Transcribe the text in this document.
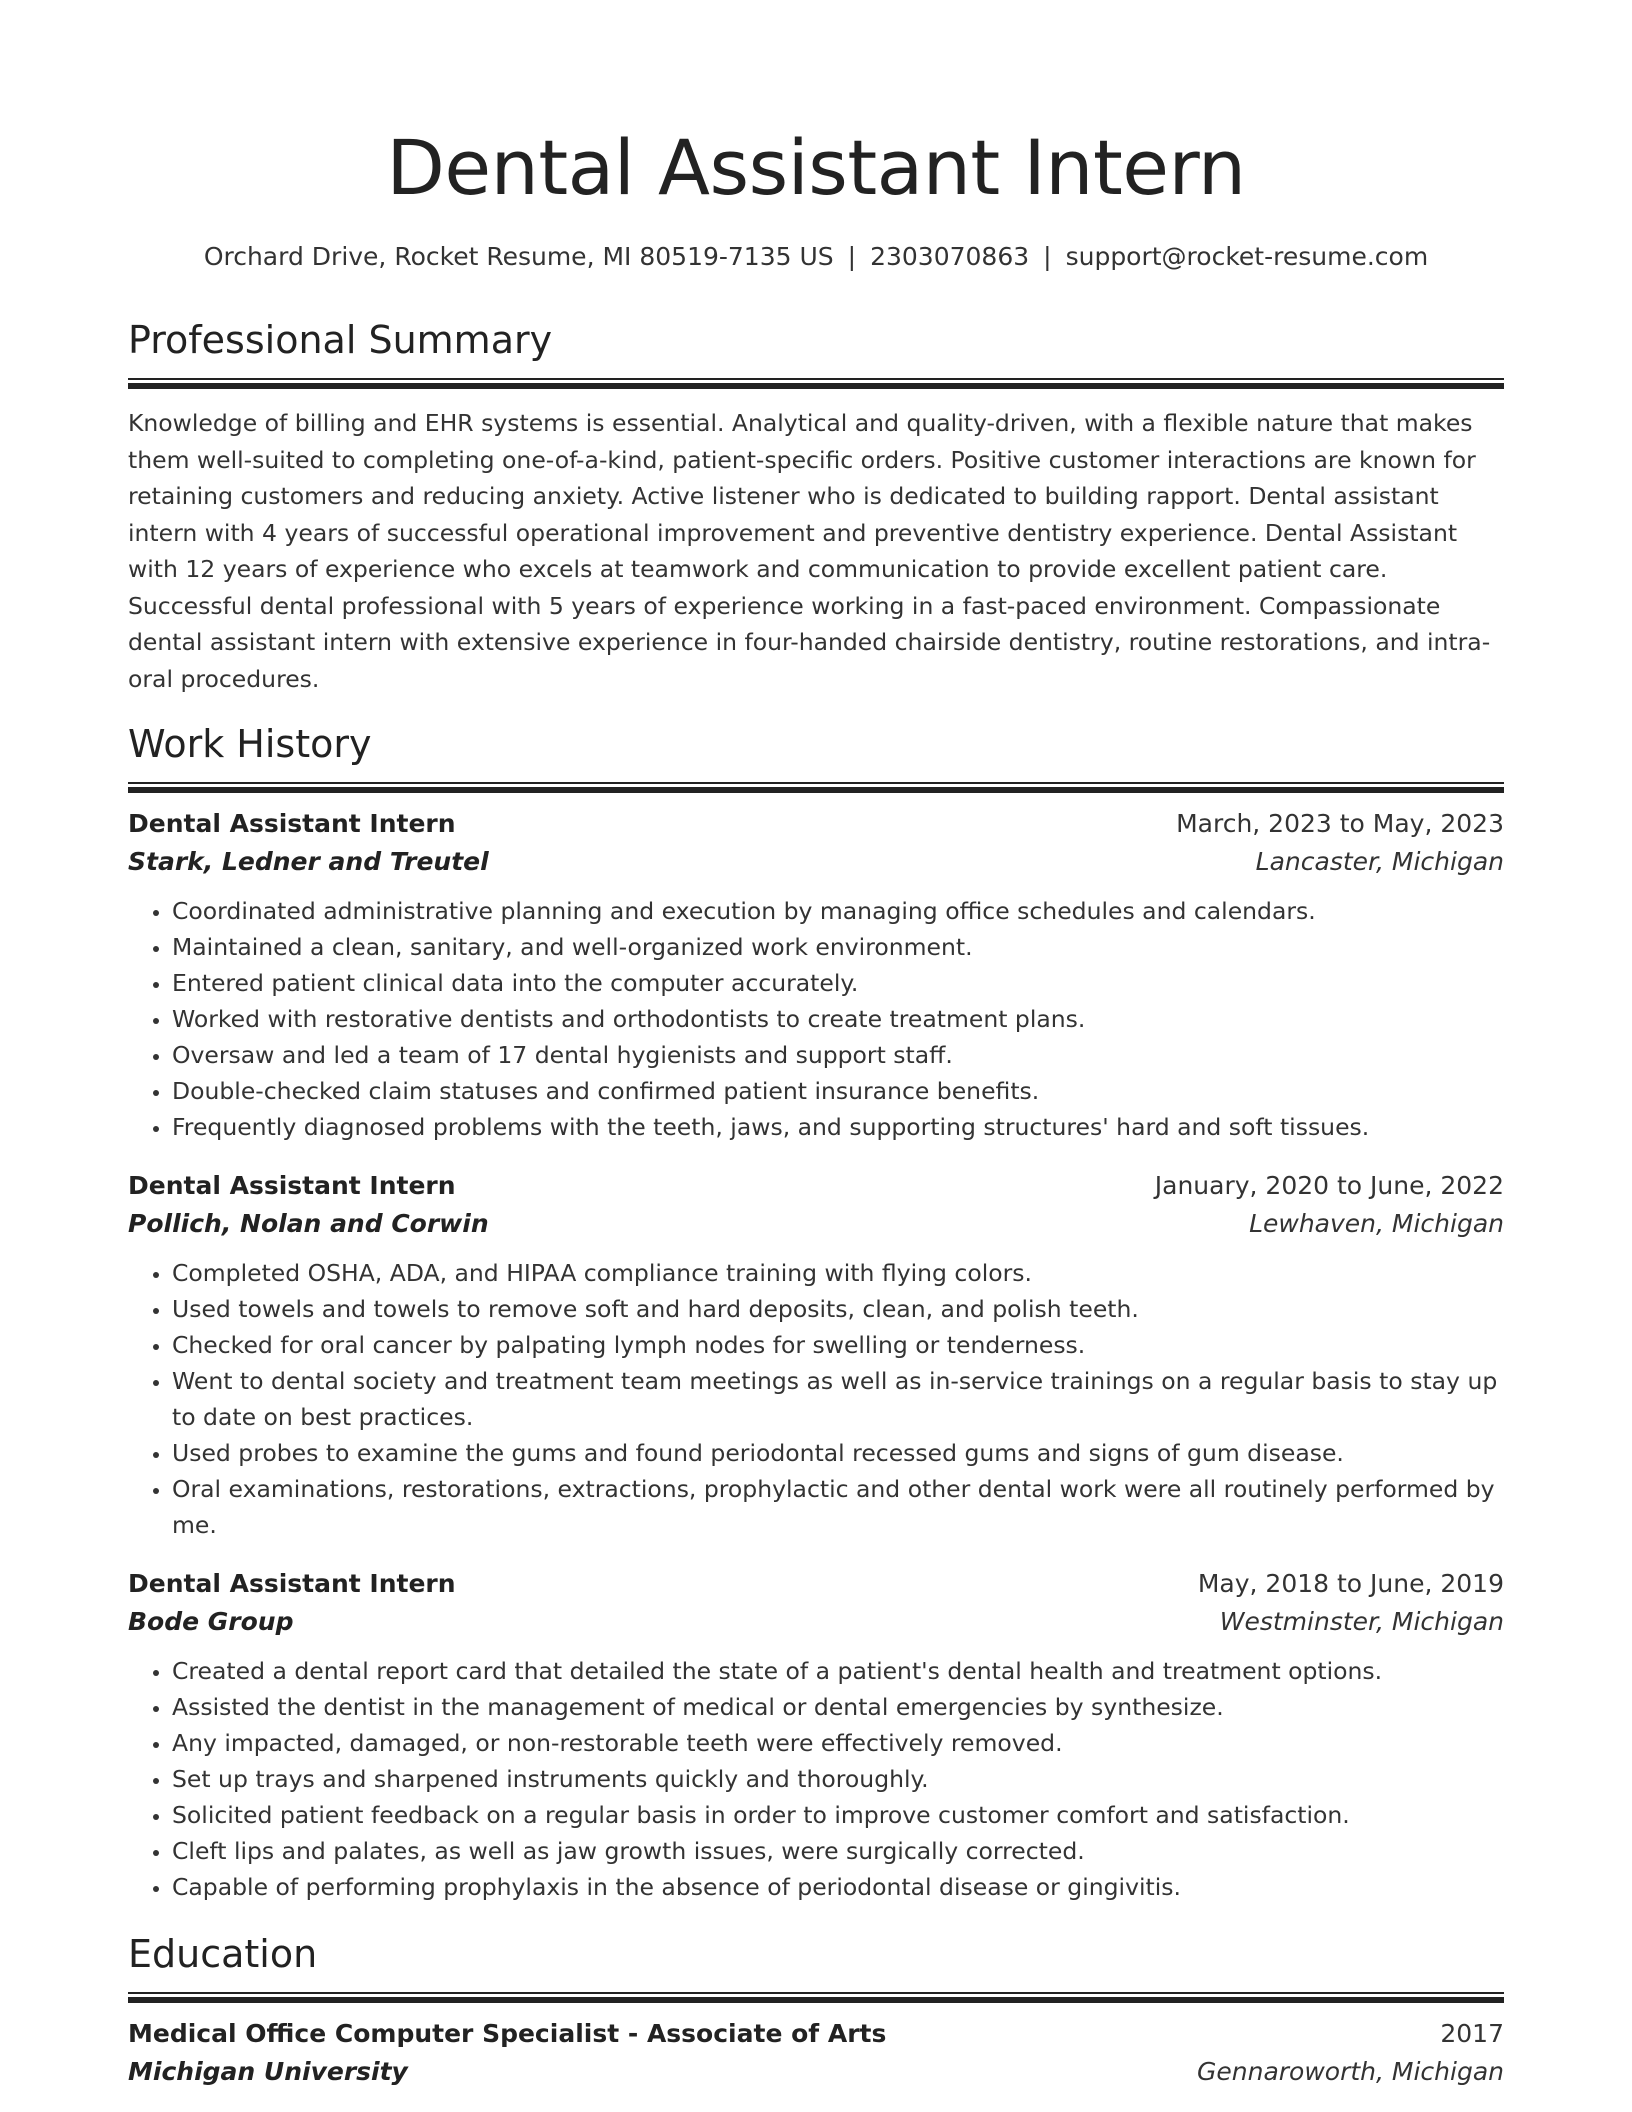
Dental Assistant Intern
Orchard Drive, Rocket Resume, MI 80519-7135 US | 2303070863 | support@rocket-resume.com
Professional Summary

Knowledge of billing and EHR systems is essential. Analytical and quality-driven, with a flexible nature that makes them well-suited to completing one-of-a-kind, patient-specific orders. Positive customer interactions are known for retaining customers and reducing anxiety. Active listener who is dedicated to building rapport. Dental assistant intern with 4 years of successful operational improvement and preventive dentistry experience. Dental Assistant with 12 years of experience who excels at teamwork and communication to provide excellent patient care. Successful dental professional with 5 years of experience working in a fast-paced environment. Compassionate dental assistant intern with extensive experience in four-handed chairside dentistry, routine restorations, and intra-oral procedures.

Work History
Dental Assistant Intern	March, 2023 to May, 2023
Stark, Ledner and Treutel	Lancaster, Michigan
• Coordinated administrative planning and execution by managing office schedules and calendars.
• Maintained a clean, sanitary, and well-organized work environment.
• Entered patient clinical data into the computer accurately.
• Worked with restorative dentists and orthodontists to create treatment plans.
• Oversaw and led a team of 17 dental hygienists and support staff.
• Double-checked claim statuses and confirmed patient insurance benefits.
• Frequently diagnosed problems with the teeth, jaws, and supporting structures' hard and soft tissues.
Dental Assistant Intern	January, 2020 to June, 2022
Pollich, Nolan and Corwin	Lewhaven, Michigan
• Completed OSHA, ADA, and HIPAA compliance training with flying colors.
• Used towels and towels to remove soft and hard deposits, clean, and polish teeth.
• Checked for oral cancer by palpating lymph nodes for swelling or tenderness.
• Went to dental society and treatment team meetings as well as in-service trainings on a regular basis to stay up to date on best practices.
• Used probes to examine the gums and found periodontal recessed gums and signs of gum disease.
• Oral examinations, restorations, extractions, prophylactic and other dental work were all routinely performed by me.
Dental Assistant Intern	May, 2018 to June, 2019
Bode Group	Westminster, Michigan
• Created a dental report card that detailed the state of a patient's dental health and treatment options.
• Assisted the dentist in the management of medical or dental emergencies by synthesize.
• Any impacted, damaged, or non-restorable teeth were effectively removed.
• Set up trays and sharpened instruments quickly and thoroughly.
• Solicited patient feedback on a regular basis in order to improve customer comfort and satisfaction.
• Cleft lips and palates, as well as jaw growth issues, were surgically corrected.
• Capable of performing prophylaxis in the absence of periodontal disease or gingivitis.
Education
Medical Office Computer Specialist - Associate of Arts	2017
Michigan University	Gennaroworth, Michigan
